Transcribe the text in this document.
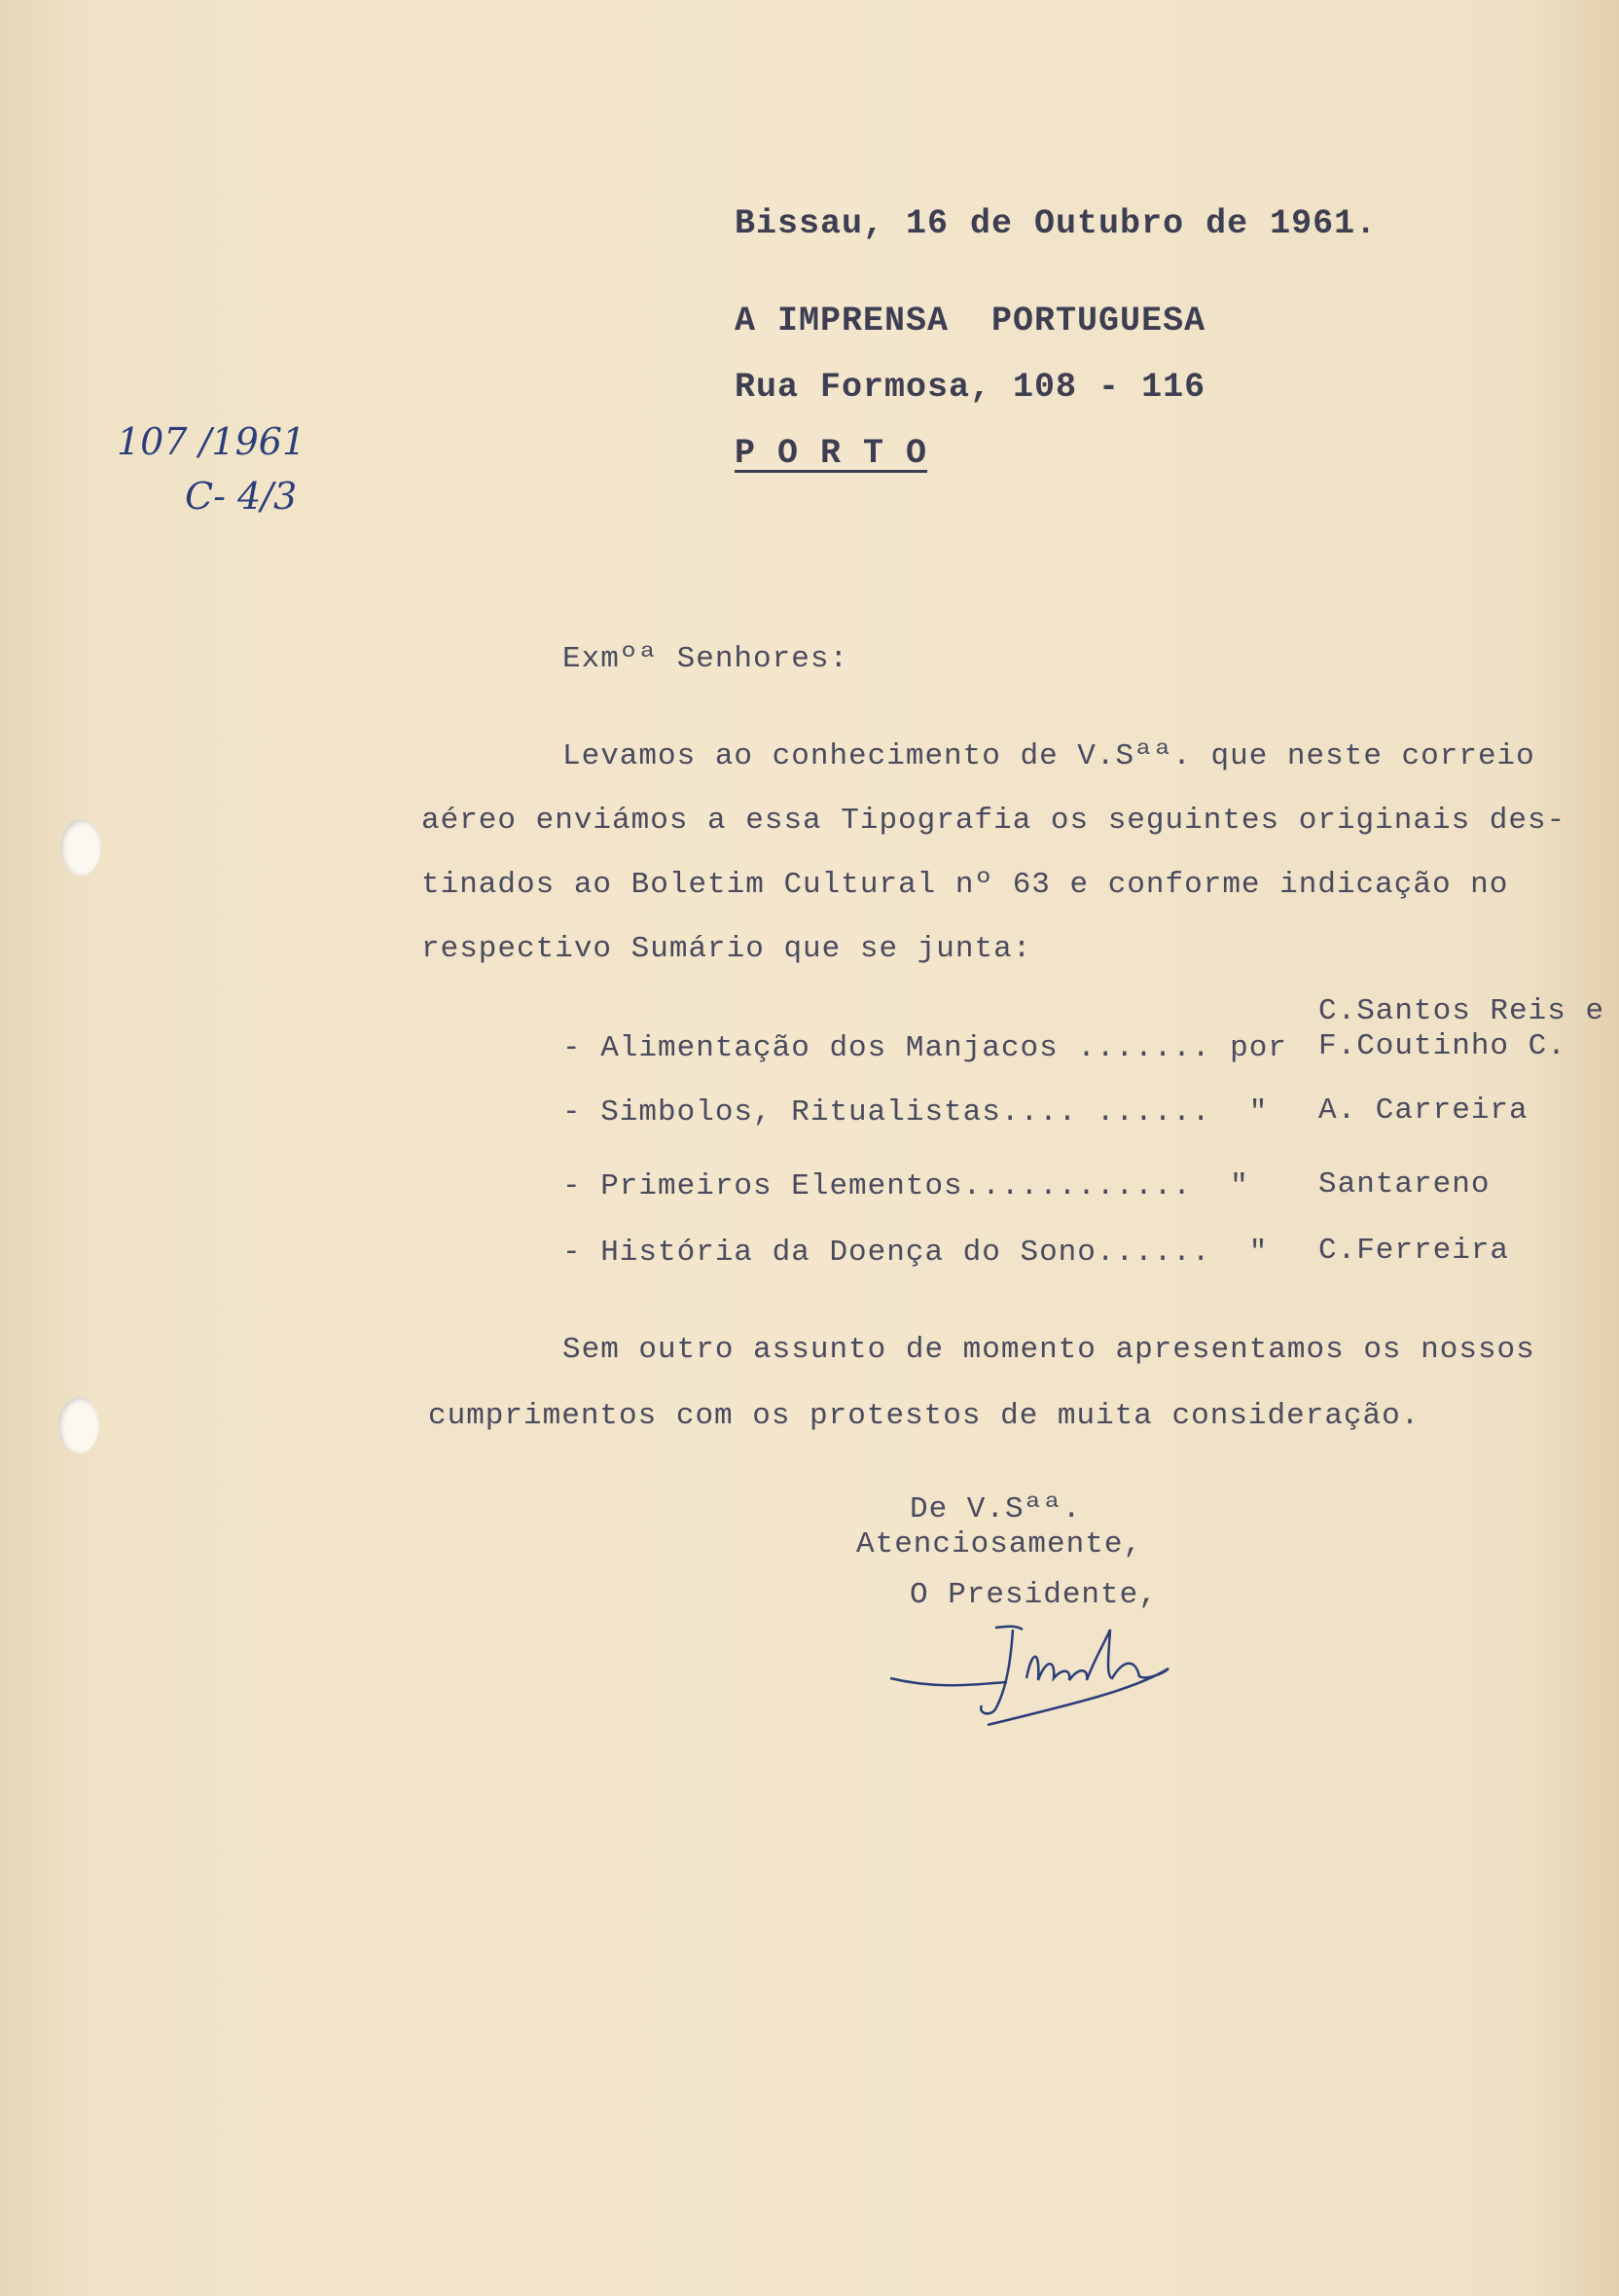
Bissau, 16 de Outubro de 1961.
A IMPRENSA  PORTUGUESA
Rua Formosa, 108 - 116
P O R T O
107 /1961
C- 4/3
Exmºª Senhores:
Levamos ao conhecimento de V.Sªª. que neste correio
aéreo enviámos a essa Tipografia os seguintes originais des-
tinados ao Boletim Cultural nº 63 e conforme indicação no
respectivo Sumário que se junta:
C.Santos Reis e
- Alimentação dos Manjacos ....... por F.Coutinho C.
- Simbolos, Ritualistas.... ......  " A. Carreira
- Primeiros Elementos............  " Santareno
- História da Doença do Sono......  " C.Ferreira
Sem outro assunto de momento apresentamos os nossos
cumprimentos com os protestos de muita consideração.
De V.Sªª.
Atenciosamente,
O Presidente,
